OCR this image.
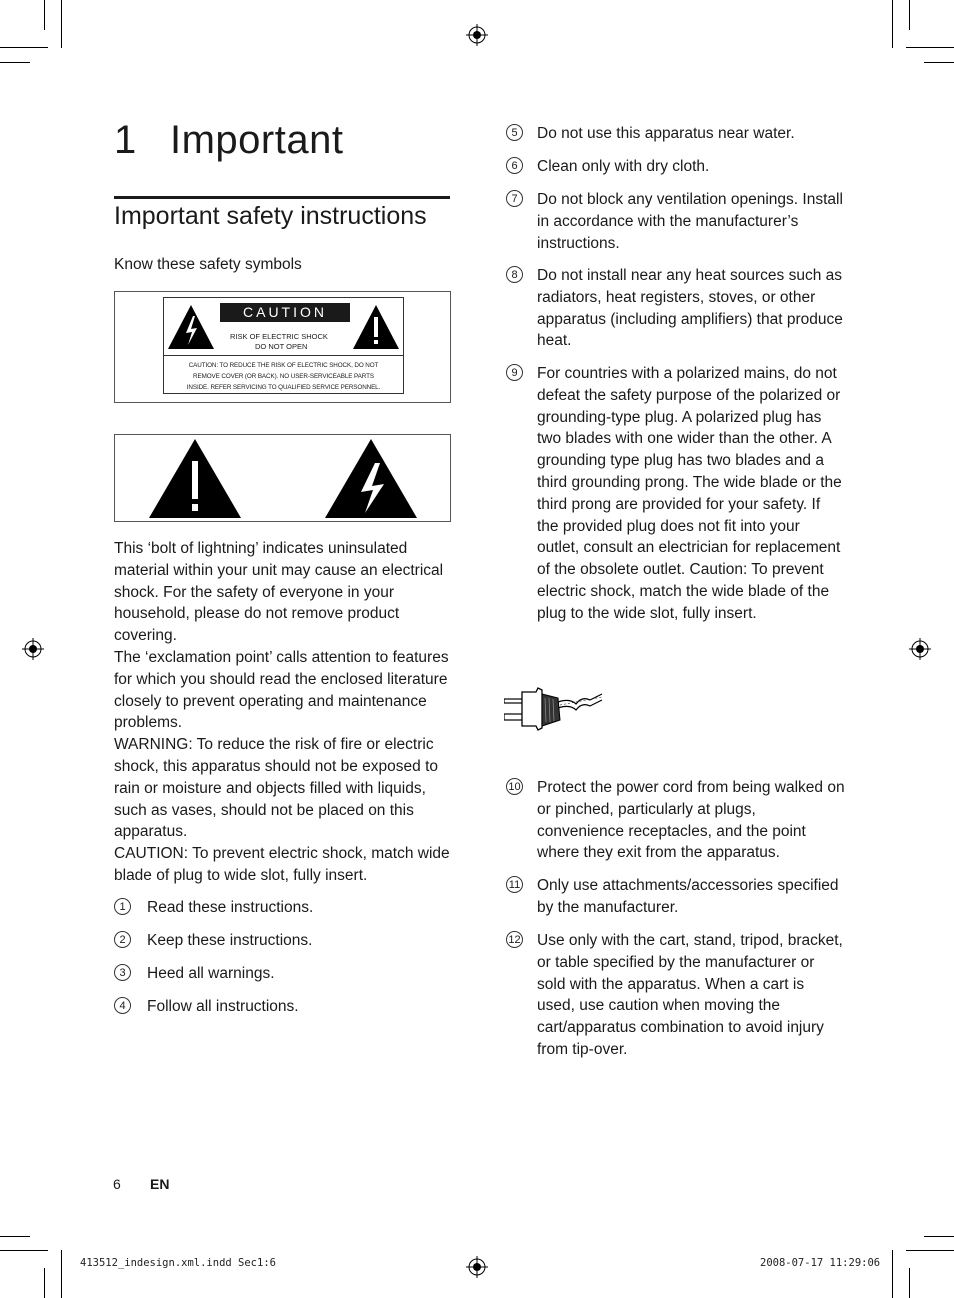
1 Important
Important safety instructions
Know these safety symbols
CAUTION
RISK OF ELECTRIC SHOCK
DO NOT OPEN
CAUTION: TO REDUCE THE RISK OF ELECTRIC SHOCK, DO NOT
REMOVE COVER (OR BACK). NO USER-SERVICEABLE PARTS
INSIDE. REFER SERVICING TO QUALIFIED SERVICE PERSONNEL.

This ‘bolt of lightning’ indicates uninsulated material within your unit may cause an electrical shock. For the safety of everyone in your household, please do not remove product covering.

The ‘exclamation point’ calls attention to features for which you should read the enclosed literature closely to prevent operating and maintenance problems.

WARNING: To reduce the risk of fire or electric shock, this apparatus should not be exposed to rain or moisture and objects filled with liquids, such as vases, should not be placed on this apparatus.

CAUTION: To prevent electric shock, match wide blade of plug to wide slot, fully insert.

1	Read these instructions.
2	Keep these instructions.
3	Heed all warnings.
4	Follow all instructions.
5	Do not use this apparatus near water.
6	Clean only with dry cloth.
7	Do not block any ventilation openings. Install in accordance with the manufacturer’s instructions.
8	Do not install near any heat sources such as radiators, heat registers, stoves, or other apparatus (including amplifiers) that produce heat.
9	For countries with a polarized mains, do not defeat the safety purpose of the polarized or grounding-type plug. A polarized plug has two blades with one wider than the other. A grounding type plug has two blades and a third grounding prong. The wide blade or the third prong are provided for your safety. If the provided plug does not fit into your outlet, consult an electrician for replacement of the obsolete outlet. Caution: To prevent electric shock, match the wide blade of the plug to the wide slot, fully insert.
10 Protect the power cord from being walked on or pinched, particularly at plugs, convenience receptacles, and the point where they exit from the apparatus.
11 Only use attachments/accessories specified by the manufacturer.
12 Use only with the cart, stand, tripod, bracket, or table specified by the manufacturer or sold with the apparatus. When a cart is used, use caution when moving the cart/apparatus combination to avoid injury from tip-over.
6 EN
413512_indesign.xml.indd Sec1:6	2008-07-17 11:29:06
